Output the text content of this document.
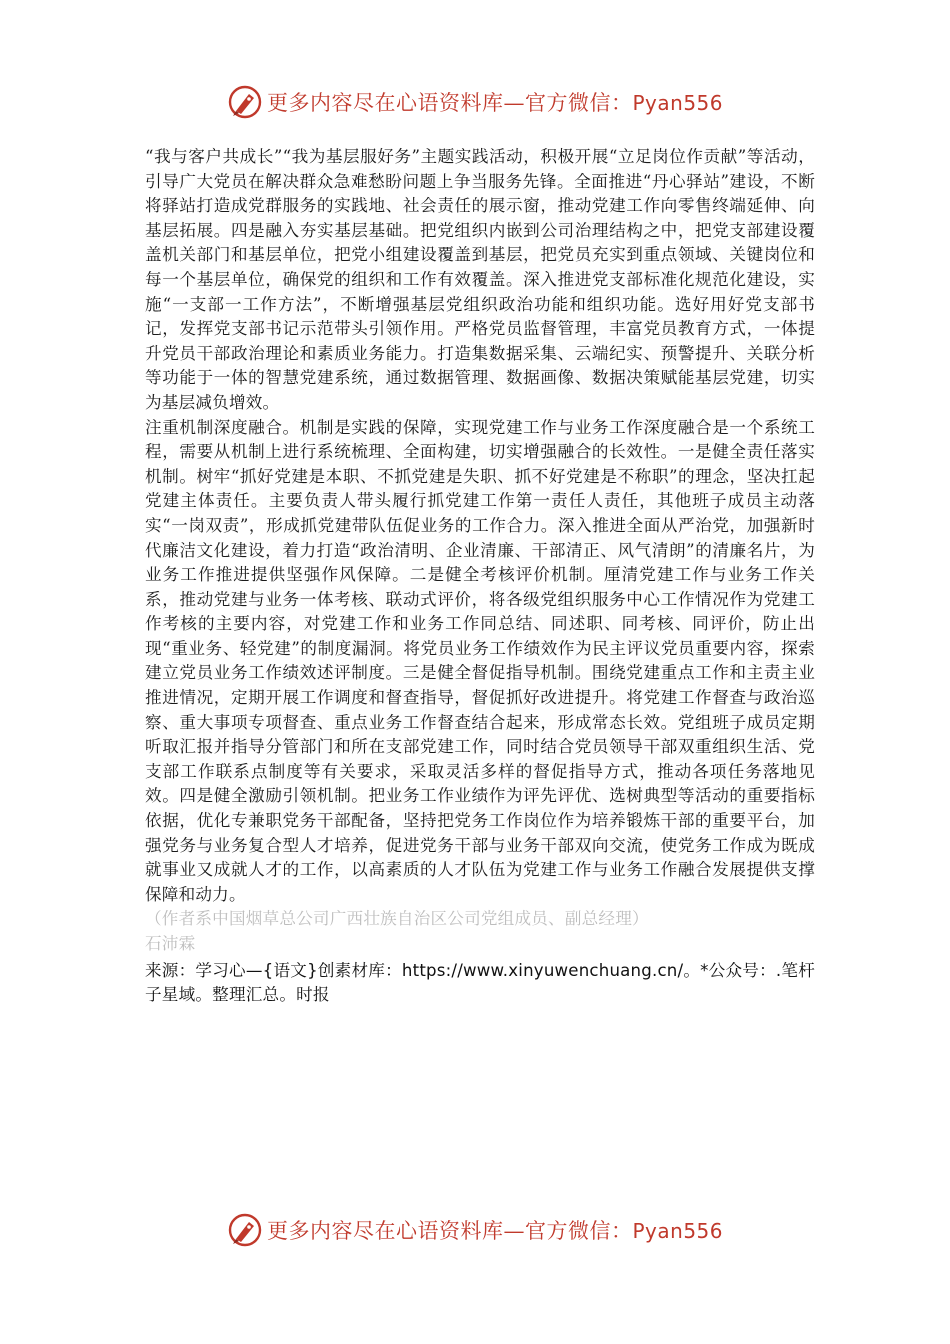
更多内容尽在心语资料库—官方微信：Pyan556

“我与客户共成长”“我为基层服好务”主题实践活动，积极开展“立足岗位作贡献”等活动，引导广大党员在解决群众急难愁盼问题上争当服务先锋。全面推进“丹心驿站”建设，不断将驿站打造成党群服务的实践地、社会责任的展示窗，推动党建工作向零售终端延伸、向基层拓展。四是融入夯实基层基础。把党组织内嵌到公司治理结构之中，把党支部建设覆盖机关部门和基层单位，把党小组建设覆盖到基层，把党员充实到重点领域、关键岗位和每一个基层单位，确保党的组织和工作有效覆盖。深入推进党支部标准化规范化建设，实施“一支部一工作方法”，不断增强基层党组织政治功能和组织功能。选好用好党支部书记，发挥党支部书记示范带头引领作用。严格党员监督管理，丰富党员教育方式，一体提升党员干部政治理论和素质业务能力。打造集数据采集、云端纪实、预警提升、关联分析等功能于一体的智慧党建系统，通过数据管理、数据画像、数据决策赋能基层党建，切实为基层减负增效。

注重机制深度融合。机制是实践的保障，实现党建工作与业务工作深度融合是一个系统工程，需要从机制上进行系统梳理、全面构建，切实增强融合的长效性。一是健全责任落实机制。树牢“抓好党建是本职、不抓党建是失职、抓不好党建是不称职”的理念，坚决扛起党建主体责任。主要负责人带头履行抓党建工作第一责任人责任，其他班子成员主动落实“一岗双责”，形成抓党建带队伍促业务的工作合力。深入推进全面从严治党，加强新时代廉洁文化建设，着力打造“政治清明、企业清廉、干部清正、风气清朗”的清廉名片，为业务工作推进提供坚强作风保障。二是健全考核评价机制。厘清党建工作与业务工作关系，推动党建与业务一体考核、联动式评价，将各级党组织服务中心工作情况作为党建工作考核的主要内容，对党建工作和业务工作同总结、同述职、同考核、同评价，防止出现“重业务、轻党建”的制度漏洞。将党员业务工作绩效作为民主评议党员重要内容，探索建立党员业务工作绩效述评制度。三是健全督促指导机制。围绕党建重点工作和主责主业推进情况，定期开展工作调度和督查指导，督促抓好改进提升。将党建工作督查与政治巡察、重大事项专项督查、重点业务工作督查结合起来，形成常态长效。党组班子成员定期听取汇报并指导分管部门和所在支部党建工作，同时结合党员领导干部双重组织生活、党支部工作联系点制度等有关要求，采取灵活多样的督促指导方式，推动各项任务落地见效。四是健全激励引领机制。把业务工作业绩作为评先评优、选树典型等活动的重要指标依据，优化专兼职党务干部配备，坚持把党务工作岗位作为培养锻炼干部的重要平台，加强党务与业务复合型人才培养，促进党务干部与业务干部双向交流，使党务工作成为既成就事业又成就人才的工作，以高素质的人才队伍为党建工作与业务工作融合发展提供支撑保障和动力。

（作者系中国烟草总公司广西壮族自治区公司党组成员、副总经理）

石沛霖

来源：学习心—{语文}创素材库：https://www.xinyuwenchuang.cn/。*公众号：.笔杆子星域。整理汇总。时报

更多内容尽在心语资料库—官方微信：Pyan556
